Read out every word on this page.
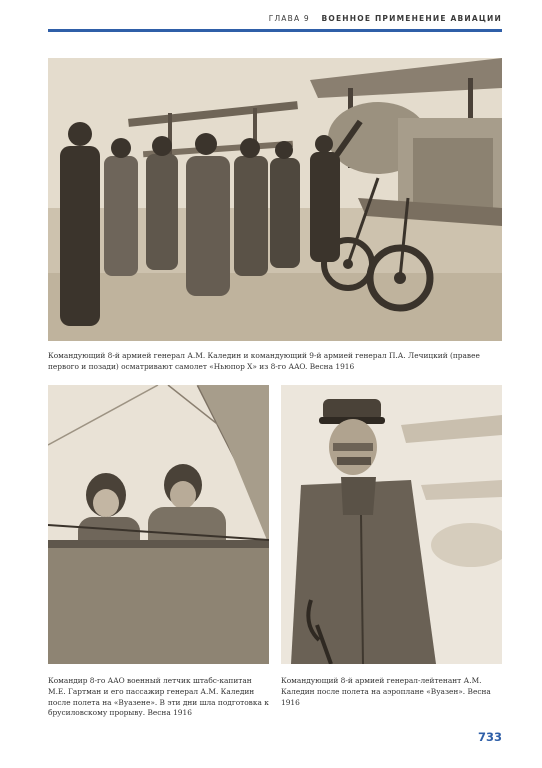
ГЛАВА 9 ВОЕННОЕ ПРИМЕНЕНИЕ АВИАЦИИ
Командующий 8-й армией генерал А.М. Каледин и командующий 9-й армией генерал П.А. Лечицкий (правее первого и позади) осматривают самолет «Ньюпор X» из 8-го АAO. Весна 1916
Командир 8-го АAO военный летчик штабс-капитан М.Е. Гартман и его пассажир генерал А.М. Каледин после полета на «Вуазене». В эти дни шла подготовка к брусиловскому прорыву. Весна 1916
Командующий 8-й армией генерал-лейтенант А.М. Каледин после полета на аэроплане «Вуазен». Весна 1916
733
